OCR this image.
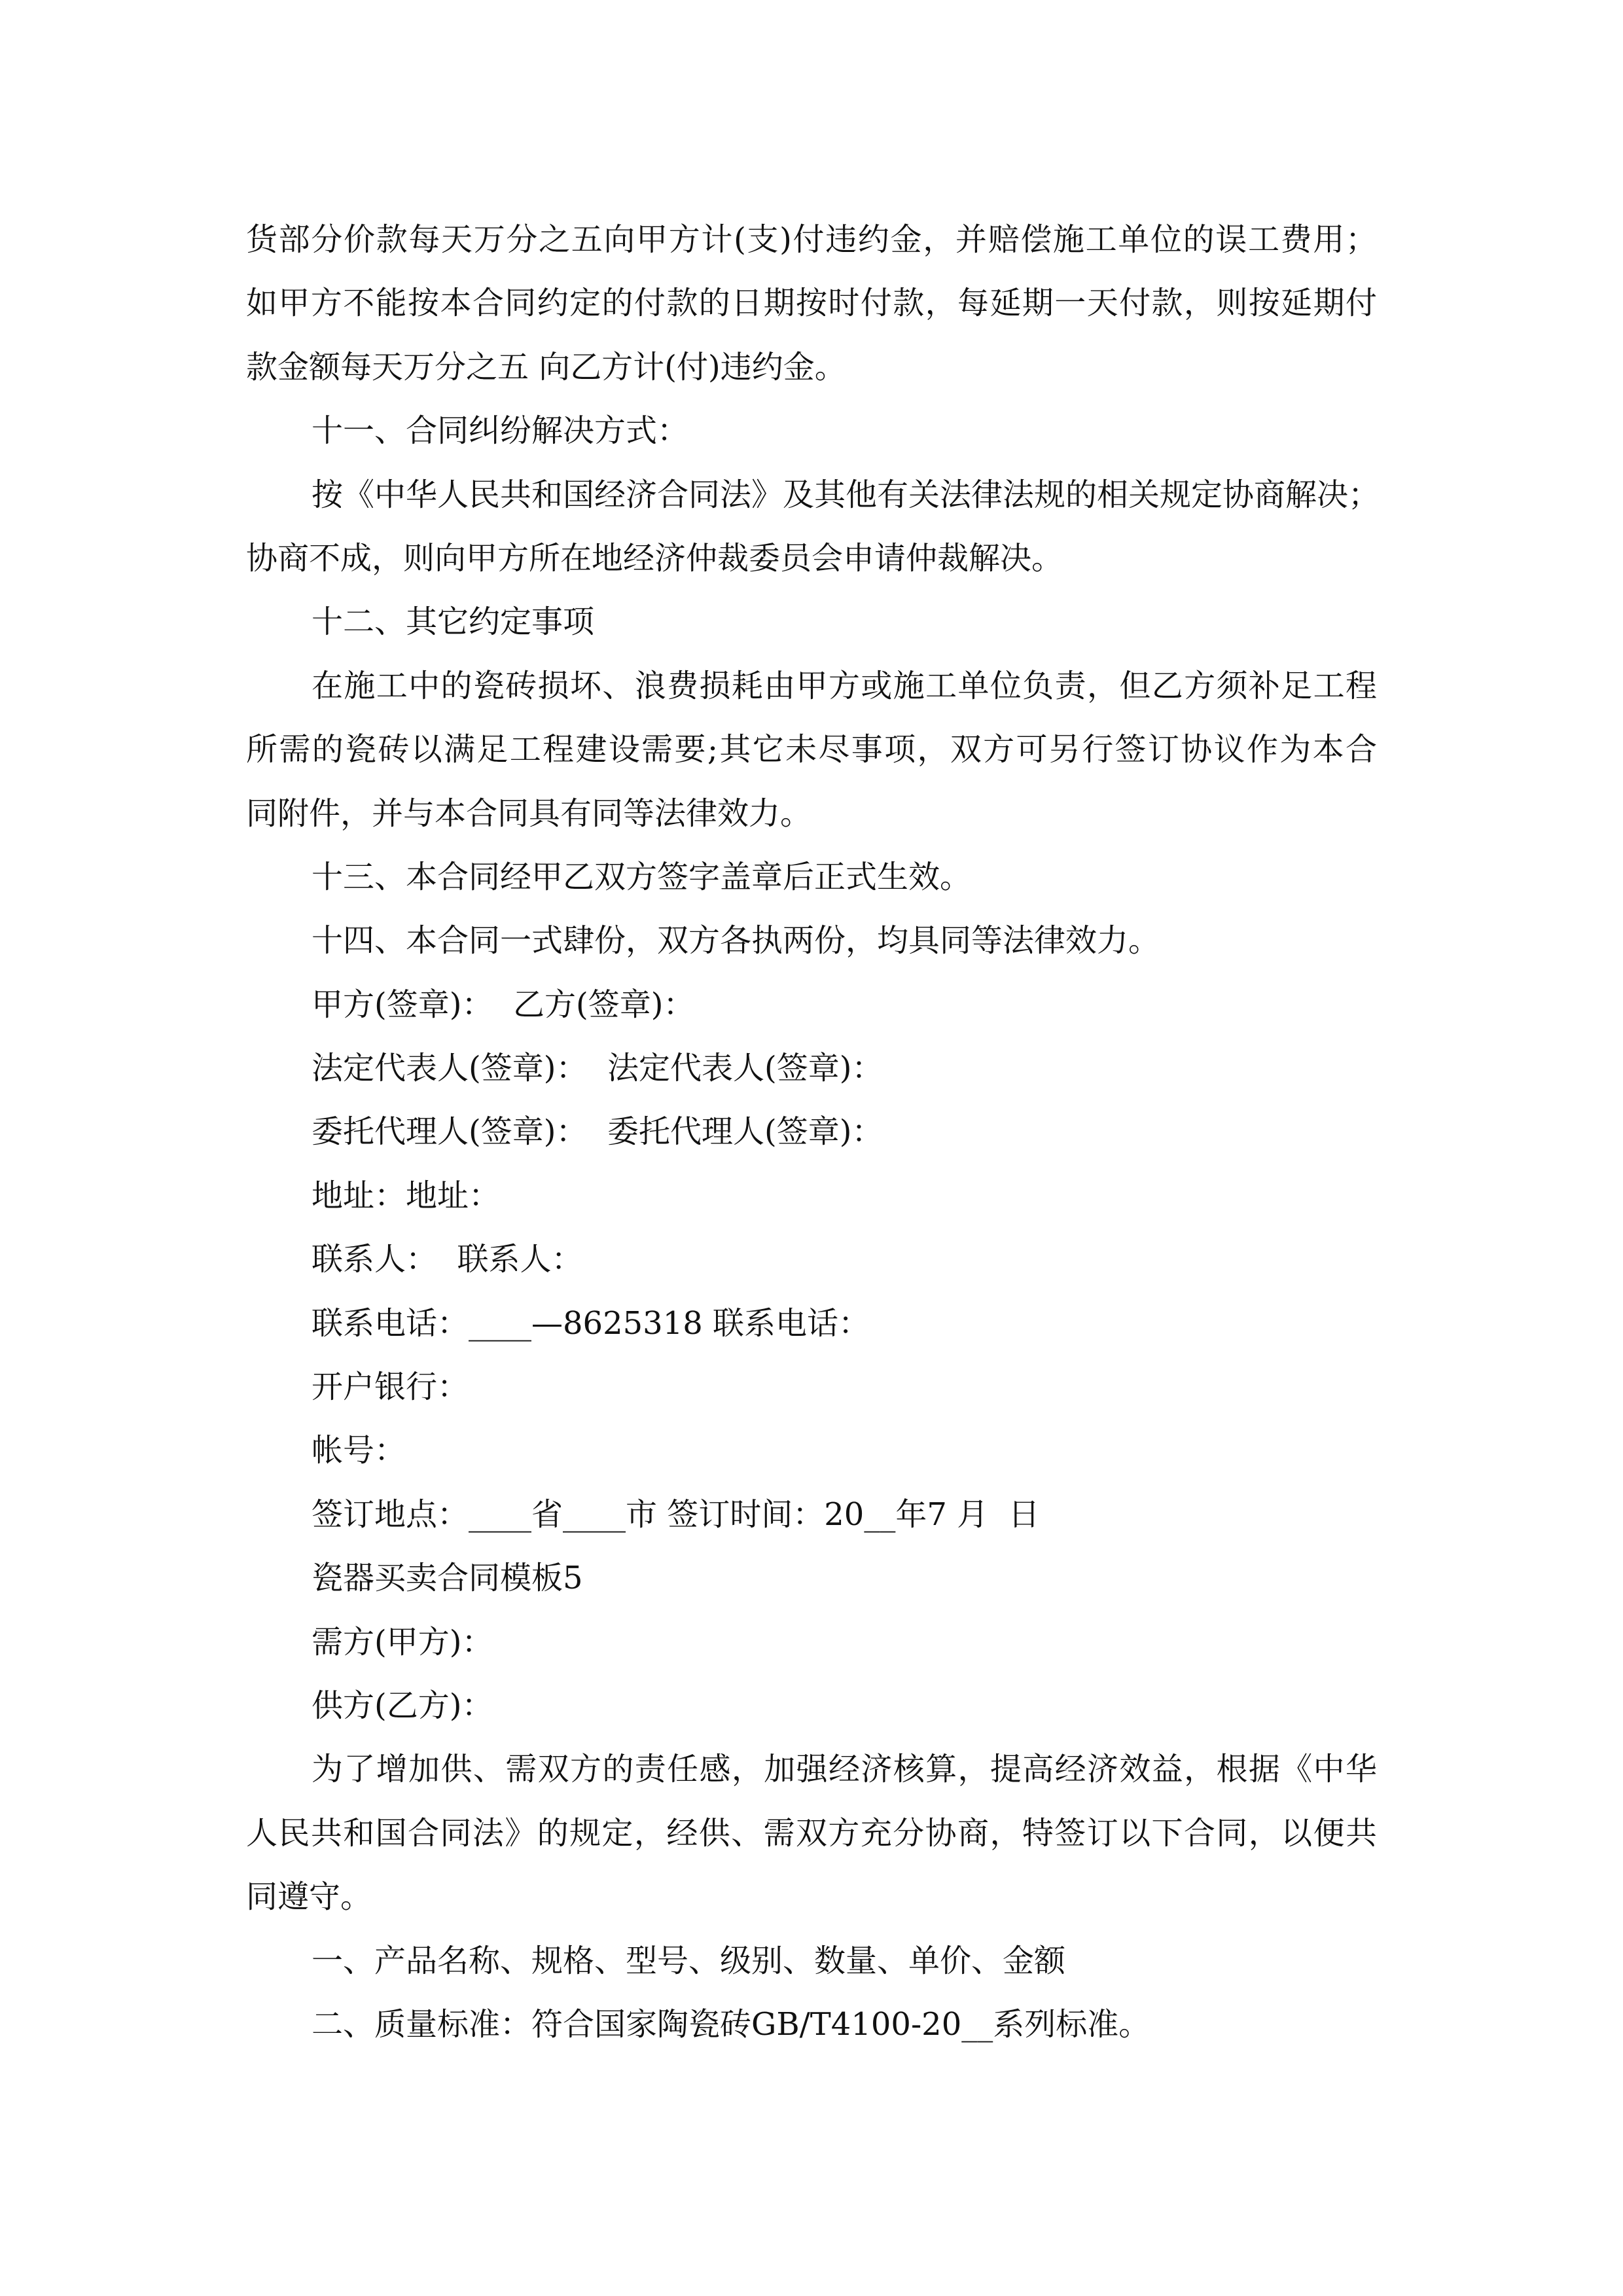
货部分价款每天万分之五向甲方计(支)付违约金，并赔偿施工单位的误工费用；
如甲方不能按本合同约定的付款的日期按时付款，每延期一天付款，则按延期付
款金额每天万分之五 向乙方计(付)违约金。
十一、合同纠纷解决方式：
按《中华人民共和国经济合同法》及其他有关法律法规的相关规定协商解决；
协商不成，则向甲方所在地经济仲裁委员会申请仲裁解决。
十二、其它约定事项
在施工中的瓷砖损坏、浪费损耗由甲方或施工单位负责，但乙方须补足工程
所需的瓷砖以满足工程建设需要;其它未尽事项，双方可另行签订协议作为本合
同附件，并与本合同具有同等法律效力。
十三、本合同经甲乙双方签字盖章后正式生效。
十四、本合同一式肆份，双方各执两份，均具同等法律效力。
甲方(签章)：  乙方(签章)：
法定代表人(签章)：  法定代表人(签章)：
委托代理人(签章)：  委托代理人(签章)：
地址：地址：
联系人：  联系人：
联系电话：____—8625318 联系电话：
开户银行：
帐号：
签订地点：____省____市 签订时间：20__年7 月  日
瓷器买卖合同模板5
需方(甲方)：
供方(乙方)：
为了增加供、需双方的责任感，加强经济核算，提高经济效益，根据《中华
人民共和国合同法》的规定，经供、需双方充分协商，特签订以下合同，以便共
同遵守。
一、产品名称、规格、型号、级别、数量、单价、金额
二、质量标准：符合国家陶瓷砖GB/T4100-20__系列标准。
